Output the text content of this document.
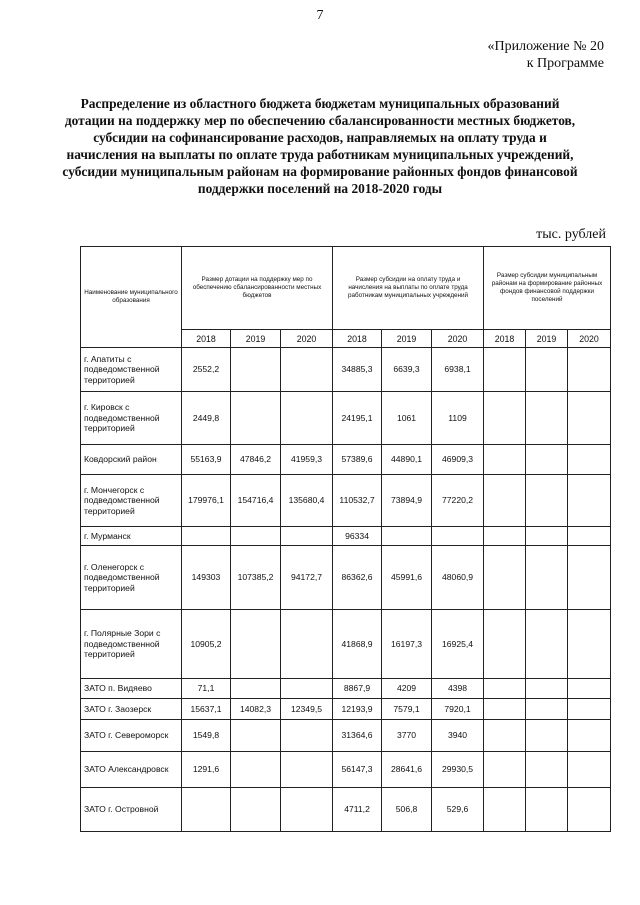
7
«Приложение № 20
к Программе
Распределение из областного бюджета бюджетам муниципальных образований дотации на поддержку мер по обеспечению сбалансированности местных бюджетов, субсидии на софинансирование расходов, направляемых на оплату труда и начисления на выплаты по оплате труда работникам муниципальных учреждений, субсидии муниципальным районам на формирование районных фондов финансовой поддержки поселений на 2018-2020 годы
тыс. рублей
Наименование муниципального образования	Размер дотации на поддержку мер по обеспечению сбалансированности местных бюджетов			Размер субсидии на оплату труда и начисления на выплаты по оплате труда работникам муниципальных учреждений			Размер субсидии муниципальным районам на формирование районных фондов финансовой поддержки поселений		
	2018	2019	2020	2018	2019	2020	2018	2019	2020
г. Апатиты с подведомственной территорией	2552,2			34885,3	6639,3	6938,1			
г. Кировск с подведомственной территорией	2449,8			24195,1	1061	1109			
Ковдорский район	55163,9	47846,2	41959,3	57389,6	44890,1	46909,3			
г. Мончегорск с подведомственной территорией	179976,1	154716,4	135680,4	110532,7	73894,9	77220,2			
г. Мурманск				96334					
г. Оленегорск с подведомственной территорией	149303	107385,2	94172,7	86362,6	45991,6	48060,9			
г. Полярные Зори с подведомственной территорией	10905,2			41868,9	16197,3	16925,4			
ЗАТО п. Видяево	71,1			8867,9	4209	4398			
ЗАТО г. Заозерск	15637,1	14082,3	12349,5	12193,9	7579,1	7920,1			
ЗАТО г. Североморск	1549,8			31364,6	3770	3940			
ЗАТО Александровск	1291,6			56147,3	28641,6	29930,5			
ЗАТО г. Островной				4711,2	506,8	529,6			
